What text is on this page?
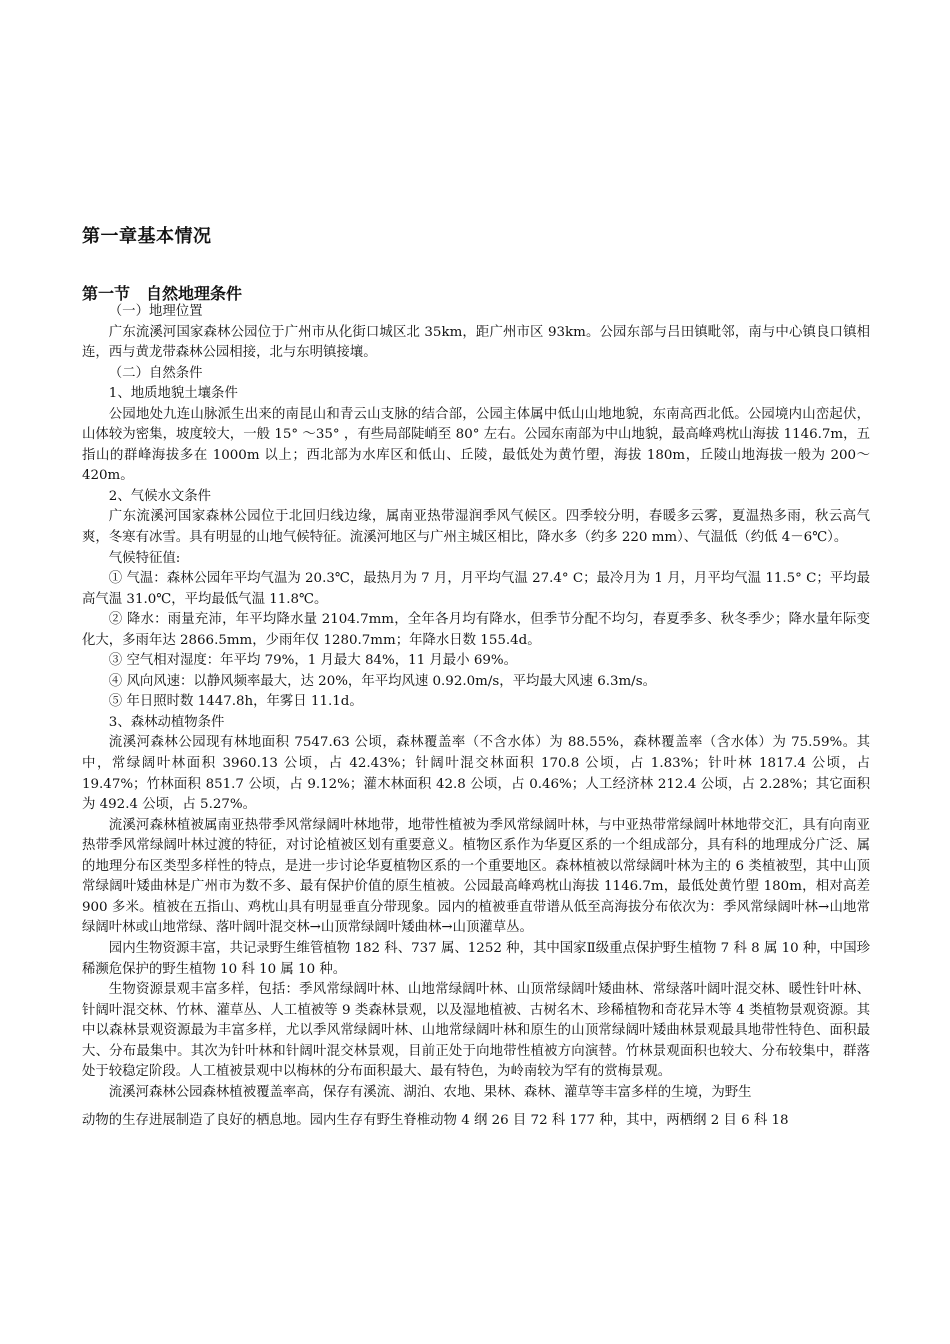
第一章基本情况
第一节　自然地理条件

（一）地理位置

广东流溪河国家森林公园位于广州市从化街口城区北 35km，距广州市区 93km。公园东部与吕田镇毗邻，南与中心镇良口镇相连，西与黄龙带森林公园相接，北与东明镇接壤。

（二）自然条件

1、地质地貌土壤条件

公园地处九连山脉派生出来的南昆山和青云山支脉的结合部，公园主体属中低山山地地貌，东南高西北低。公园境内山峦起伏，山体较为密集，坡度较大，一般 15° ～35° ，有些局部陡峭至 80° 左右。公园东南部为中山地貌，最高峰鸡枕山海拔 1146.7m，五指山的群峰海拔多在 1000m 以上；西北部为水库区和低山、丘陵，最低处为黄竹塱，海拔 180m，丘陵山地海拔一般为 200～420m。

2、气候水文条件

广东流溪河国家森林公园位于北回归线边缘，属南亚热带湿润季风气候区。四季较分明，春暖多云雾，夏温热多雨，秋云高气爽，冬寒有冰雪。具有明显的山地气候特征。流溪河地区与广州主城区相比，降水多（约多 220 mm）、气温低（约低 4－6℃）。

气候特征值:

① 气温：森林公园年平均气温为 20.3℃，最热月为 7 月，月平均气温 27.4° C；最冷月为 1 月，月平均气温 11.5° C；平均最高气温 31.0℃，平均最低气温 11.8℃。

② 降水：雨量充沛，年平均降水量 2104.7mm，全年各月均有降水，但季节分配不均匀，春夏季多、秋冬季少；降水量年际变化大，多雨年达 2866.5mm，少雨年仅 1280.7mm；年降水日数 155.4d。

③ 空气相对湿度：年平均 79%，1 月最大 84%，11 月最小 69%。

④ 风向风速：以静风频率最大，达 20%，年平均风速 0.92.0m/s，平均最大风速 6.3m/s。

⑤ 年日照时数 1447.8h，年雾日 11.1d。

3、森林动植物条件

流溪河森林公园现有林地面积 7547.63 公顷，森林覆盖率（不含水体）为 88.55%，森林覆盖率（含水体）为 75.59%。其中，常绿阔叶林面积 3960.13 公顷，占 42.43%；针阔叶混交林面积 170.8 公顷，占 1.83%；针叶林 1817.4 公顷，占 19.47%；竹林面积 851.7 公顷，占 9.12%；灌木林面积 42.8 公顷，占 0.46%；人工经济林 212.4 公顷，占 2.28%；其它面积为 492.4 公顷，占 5.27%。

流溪河森林植被属南亚热带季风常绿阔叶林地带，地带性植被为季风常绿阔叶林，与中亚热带常绿阔叶林地带交汇，具有向南亚热带季风常绿阔叶林过渡的特征，对讨论植被区划有重要意义。植物区系作为华夏区系的一个组成部分，具有科的地理成分广泛、属的地理分布区类型多样性的特点，是进一步讨论华夏植物区系的一个重要地区。森林植被以常绿阔叶林为主的 6 类植被型，其中山顶常绿阔叶矮曲林是广州市为数不多、最有保护价值的原生植被。公园最高峰鸡枕山海拔 1146.7m，最低处黄竹塱 180m，相对高差 900 多米。植被在五指山、鸡枕山具有明显垂直分带现象。园内的植被垂直带谱从低至高海拔分布依次为：季风常绿阔叶林→山地常绿阔叶林或山地常绿、落叶阔叶混交林→山顶常绿阔叶矮曲林→山顶灌草丛。

园内生物资源丰富，共记录野生维管植物 182 科、737 属、1252 种，其中国家Ⅱ级重点保护野生植物 7 科 8 属 10 种，中国珍稀濒危保护的野生植物 10 科 10 属 10 种。

生物资源景观丰富多样，包括：季风常绿阔叶林、山地常绿阔叶林、山顶常绿阔叶矮曲林、常绿落叶阔叶混交林、暖性针叶林、针阔叶混交林、竹林、灌草丛、人工植被等 9 类森林景观，以及湿地植被、古树名木、珍稀植物和奇花异木等 4 类植物景观资源。其中以森林景观资源最为丰富多样，尤以季风常绿阔叶林、山地常绿阔叶林和原生的山顶常绿阔叶矮曲林景观最具地带性特色、面积最大、分布最集中。其次为针叶林和针阔叶混交林景观，目前正处于向地带性植被方向演替。竹林景观面积也较大、分布较集中，群落处于较稳定阶段。人工植被景观中以梅林的分布面积最大、最有特色，为岭南较为罕有的赏梅景观。

流溪河森林公园森林植被覆盖率高，保存有溪流、湖泊、农地、果林、森林、灌草等丰富多样的生境，为野生

动物的生存进展制造了良好的栖息地。园内生存有野生脊椎动物 4 纲 26 目 72 科 177 种，其中，两栖纲 2 目 6 科 18
